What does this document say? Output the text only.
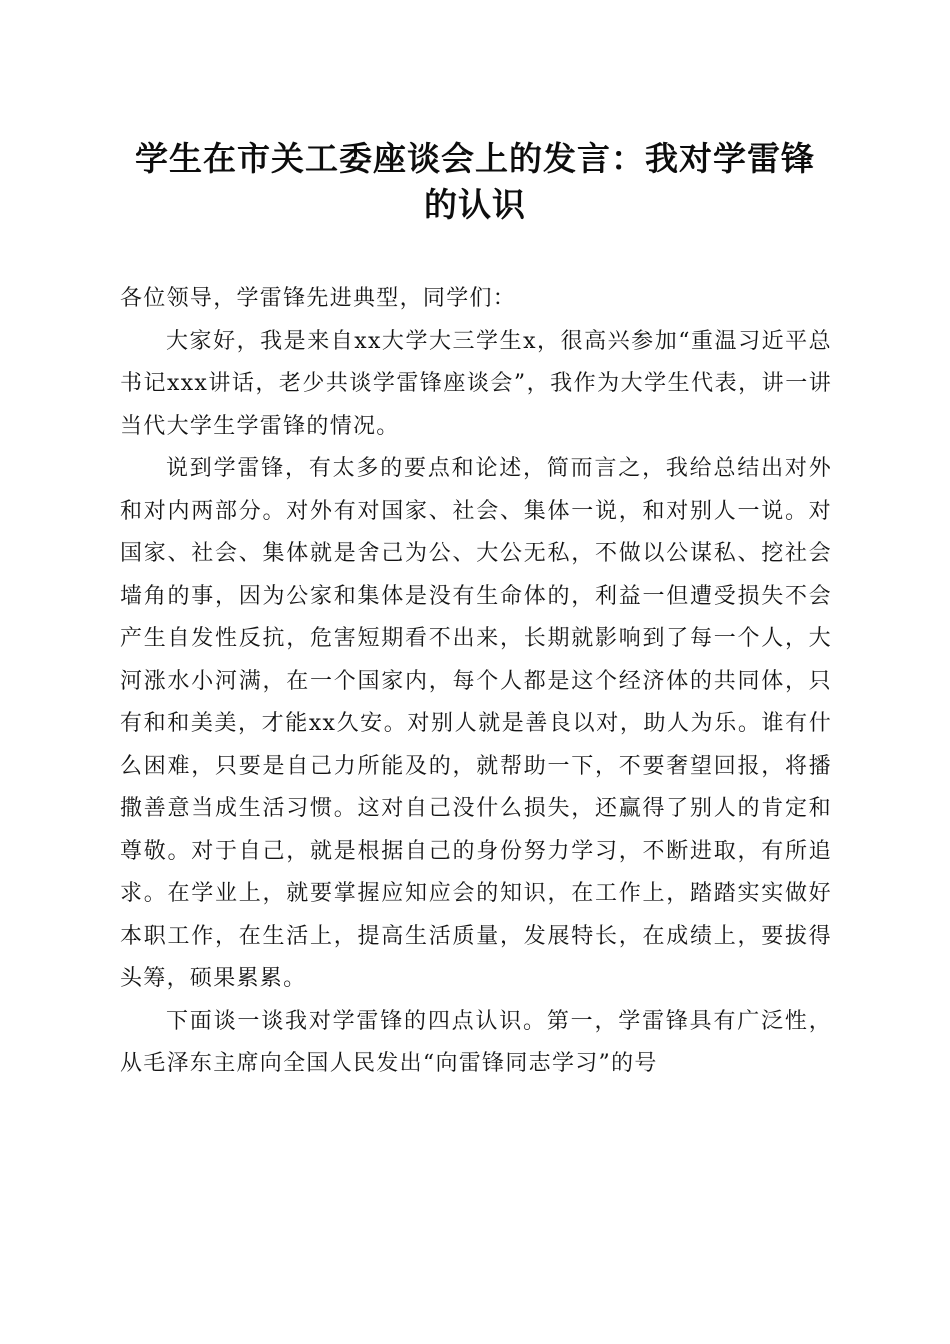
学生在市关工委座谈会上的发言：我对学雷锋
的认识

各位领导，学雷锋先进典型，同学们：

大家好，我是来自xx大学大三学生x，很高兴参加“重温习近平总书记xxx讲话，老少共谈学雷锋座谈会”，我作为大学生代表，讲一讲当代大学生学雷锋的情况。

说到学雷锋，有太多的要点和论述，简而言之，我给总结出对外和对内两部分。对外有对国家、社会、集体一说，和对别人一说。对国家、社会、集体就是舍己为公、大公无私，不做以公谋私、挖社会墙角的事，因为公家和集体是没有生命体的，利益一但遭受损失不会产生自发性反抗，危害短期看不出来，长期就影响到了每一个人，大河涨水小河满，在一个国家内，每个人都是这个经济体的共同体，只有和和美美，才能xx久安。对别人就是善良以对，助人为乐。谁有什么困难，只要是自己力所能及的，就帮助一下，不要奢望回报，将播撒善意当成生活习惯。这对自己没什么损失，还赢得了别人的肯定和尊敬。对于自己，就是根据自己的身份努力学习，不断进取，有所追求。在学业上，就要掌握应知应会的知识，在工作上，踏踏实实做好本职工作，在生活上，提高生活质量，发展特长，在成绩上，要拔得头筹，硕果累累。

下面谈一谈我对学雷锋的四点认识。第一，学雷锋具有广泛性，从毛泽东主席向全国人民发出“向雷锋同志学习”的号
